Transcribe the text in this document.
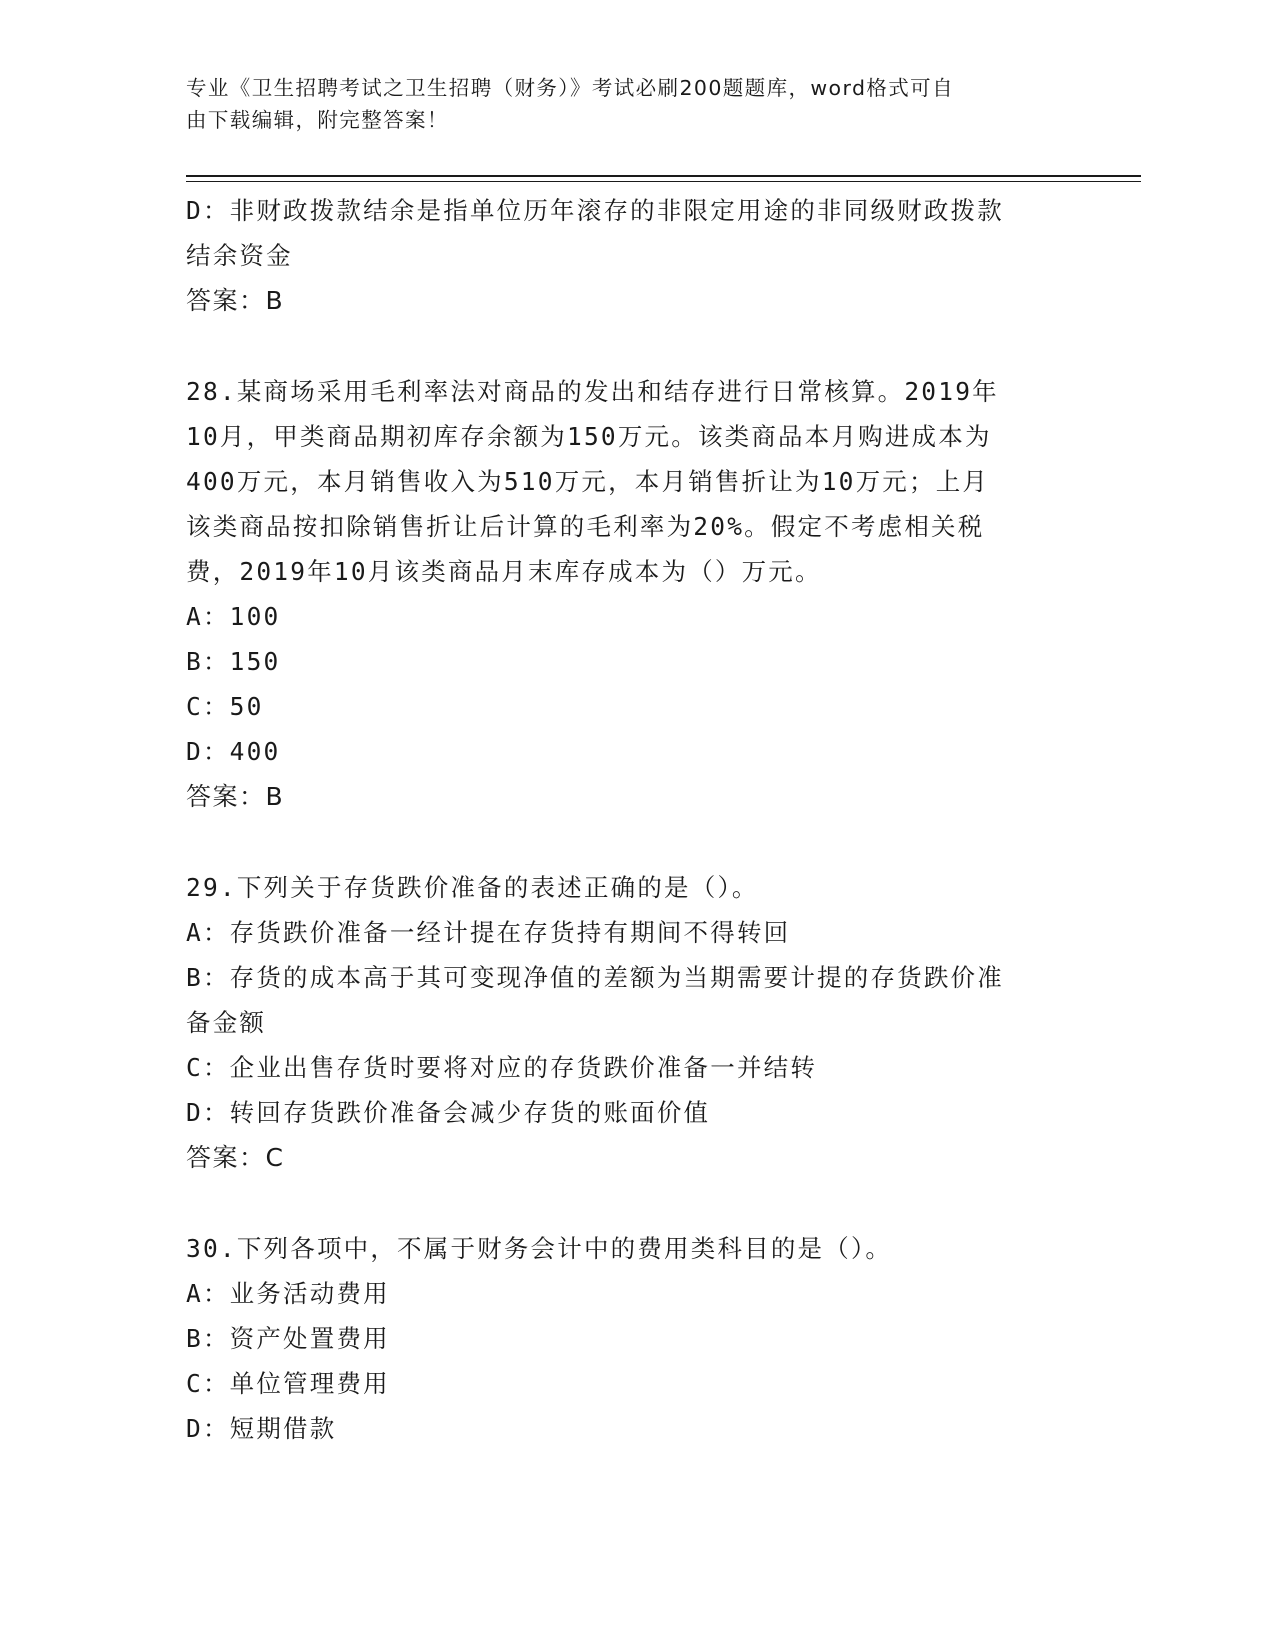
专业《卫生招聘考试之卫生招聘（财务）》考试必刷200题题库，word格式可自
由下载编辑，附完整答案！
D：非财政拨款结余是指单位历年滚存的非限定用途的非同级财政拨款
结余资金
答案：B
28.某商场采用毛利率法对商品的发出和结存进行日常核算。2019年
10月，甲类商品期初库存余额为150万元。该类商品本月购进成本为
400万元，本月销售收入为510万元，本月销售折让为10万元；上月
该类商品按扣除销售折让后计算的毛利率为20%。假定不考虑相关税
费，2019年10月该类商品月末库存成本为（）万元。
A：100
B：150
C：50
D：400
答案：B
29.下列关于存货跌价准备的表述正确的是（）。
A：存货跌价准备一经计提在存货持有期间不得转回
B：存货的成本高于其可变现净值的差额为当期需要计提的存货跌价准
备金额
C：企业出售存货时要将对应的存货跌价准备一并结转
D：转回存货跌价准备会减少存货的账面价值
答案：C
30.下列各项中，不属于财务会计中的费用类科目的是（）。
A：业务活动费用
B：资产处置费用
C：单位管理费用
D：短期借款
